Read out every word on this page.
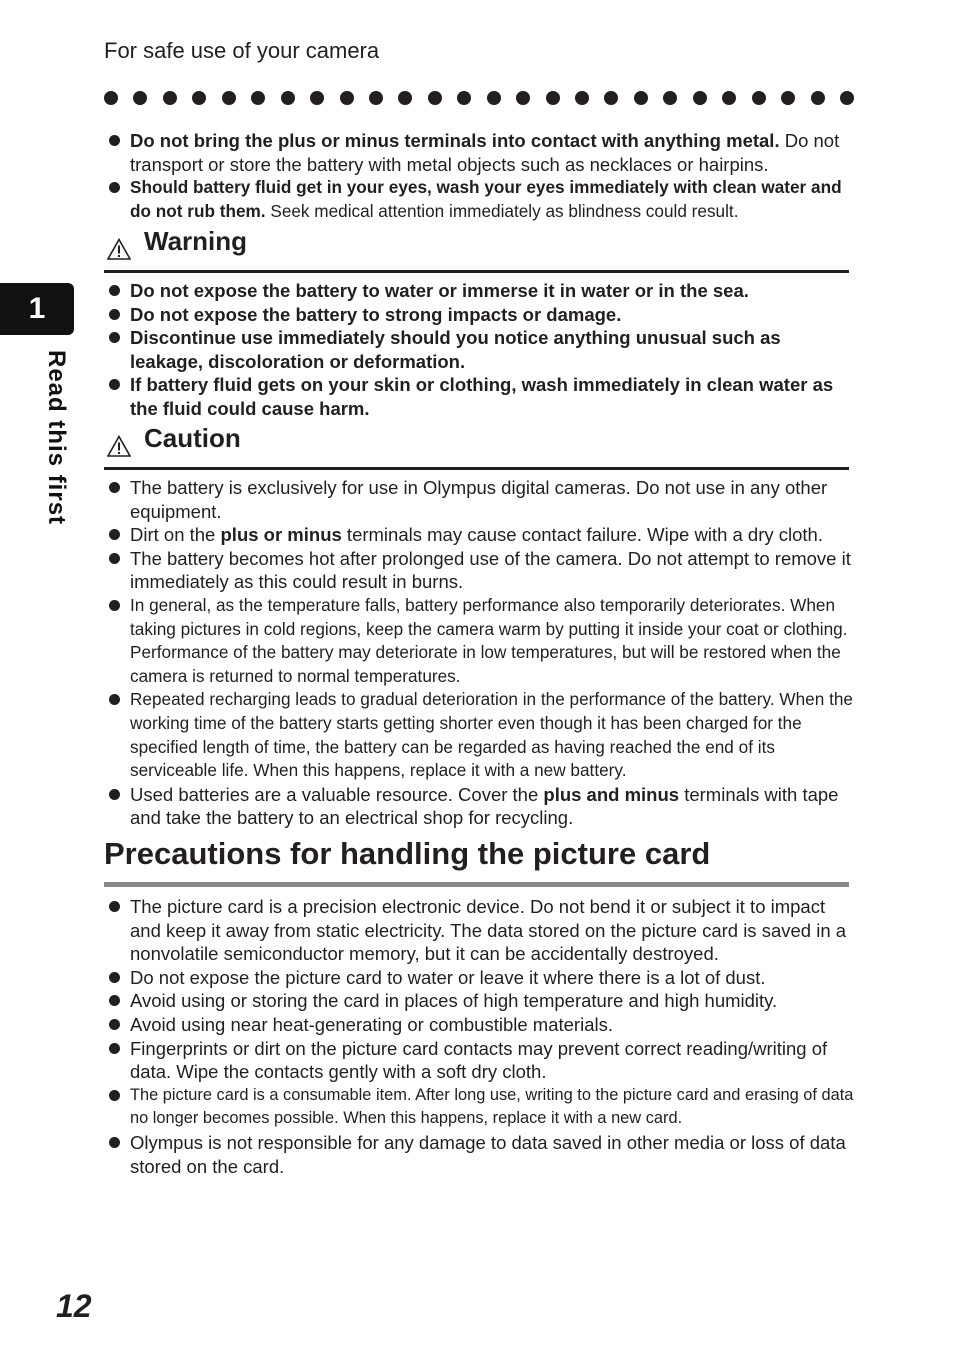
For safe use of your camera
1
Read this first
Do not bring the plus or minus terminals into contact with anything metal. Do not transport or store the battery with metal objects such as necklaces or hairpins.
Should battery fluid get in your eyes, wash your eyes immediately with clean water and do not rub them. Seek medical attention immediately as blindness could result.
Warning
Do not expose the battery to water or immerse it in water or in the sea.
Do not expose the battery to strong impacts or damage.
Discontinue use immediately should you notice anything unusual such as leakage, discoloration or deformation.
If battery fluid gets on your skin or clothing, wash immediately in clean water as the fluid could cause harm.
Caution
The battery is exclusively for use in Olympus digital cameras. Do not use in any other equipment.
Dirt on the plus or minus terminals may cause contact failure. Wipe with a dry cloth.
The battery becomes hot after prolonged use of the camera. Do not attempt to remove it immediately as this could result in burns.
In general, as the temperature falls, battery performance also temporarily deteriorates. When taking pictures in cold regions, keep the camera warm by putting it inside your coat or clothing. Performance of the battery may deteriorate in low temperatures, but will be restored when the camera is returned to normal temperatures.
Repeated recharging leads to gradual deterioration in the performance of the battery. When the working time of the battery starts getting shorter even though it has been charged for the specified length of time, the battery can be regarded as having reached the end of its serviceable life. When this happens, replace it with a new battery.
Used batteries are a valuable resource. Cover the plus and minus terminals with tape and take the battery to an electrical shop for recycling.
Precautions for handling the picture card
The picture card is a precision electronic device. Do not bend it or subject it to impact and keep it away from static electricity. The data stored on the picture card is saved in a nonvolatile semiconductor memory, but it can be accidentally destroyed.
Do not expose the picture card to water or leave it where there is a lot of dust.
Avoid using or storing the card in places of high temperature and high humidity.
Avoid using near heat-generating or combustible materials.
Fingerprints or dirt on the picture card contacts may prevent correct reading/writing of data. Wipe the contacts gently with a soft dry cloth.
The picture card is a consumable item. After long use, writing to the picture card and erasing of data no longer becomes possible. When this happens, replace it with a new card.
Olympus is not responsible for any damage to data saved in other media or loss of data stored on the card.
12
